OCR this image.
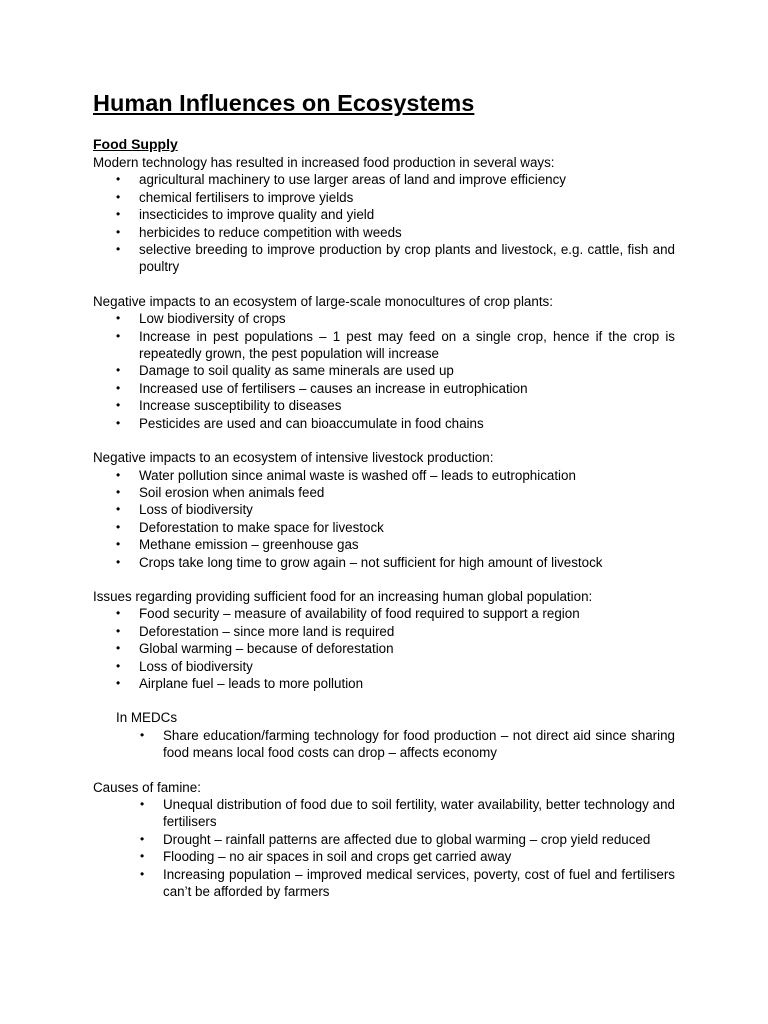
Human Influences on Ecosystems
Food Supply

Modern technology has resulted in increased food production in several ways:

• agricultural machinery to use larger areas of land and improve efficiency
• chemical fertilisers to improve yields
• insecticides to improve quality and yield
• herbicides to reduce competition with weeds
• selective breeding to improve production by crop plants and livestock, e.g. cattle, fish and poultry

Negative impacts to an ecosystem of large-scale monocultures of crop plants:

• Low biodiversity of crops
• Increase in pest populations – 1 pest may feed on a single crop, hence if the crop is repeatedly grown, the pest population will increase
• Damage to soil quality as same minerals are used up
• Increased use of fertilisers – causes an increase in eutrophication
• Increase susceptibility to diseases
• Pesticides are used and can bioaccumulate in food chains

Negative impacts to an ecosystem of intensive livestock production:

• Water pollution since animal waste is washed off – leads to eutrophication
• Soil erosion when animals feed
• Loss of biodiversity
• Deforestation to make space for livestock
• Methane emission – greenhouse gas
• Crops take long time to grow again – not sufficient for high amount of livestock

Issues regarding providing sufficient food for an increasing human global population:

• Food security – measure of availability of food required to support a region
• Deforestation – since more land is required
• Global warming – because of deforestation
• Loss of biodiversity
• Airplane fuel – leads to more pollution

In MEDCs

• Share education/farming technology for food production – not direct aid since sharing food means local food costs can drop – affects economy

Causes of famine:

• Unequal distribution of food due to soil fertility, water availability, better technology and fertilisers
• Drought – rainfall patterns are affected due to global warming – crop yield reduced
• Flooding – no air spaces in soil and crops get carried away
• Increasing population – improved medical services, poverty, cost of fuel and fertilisers can’t be afforded by farmers
